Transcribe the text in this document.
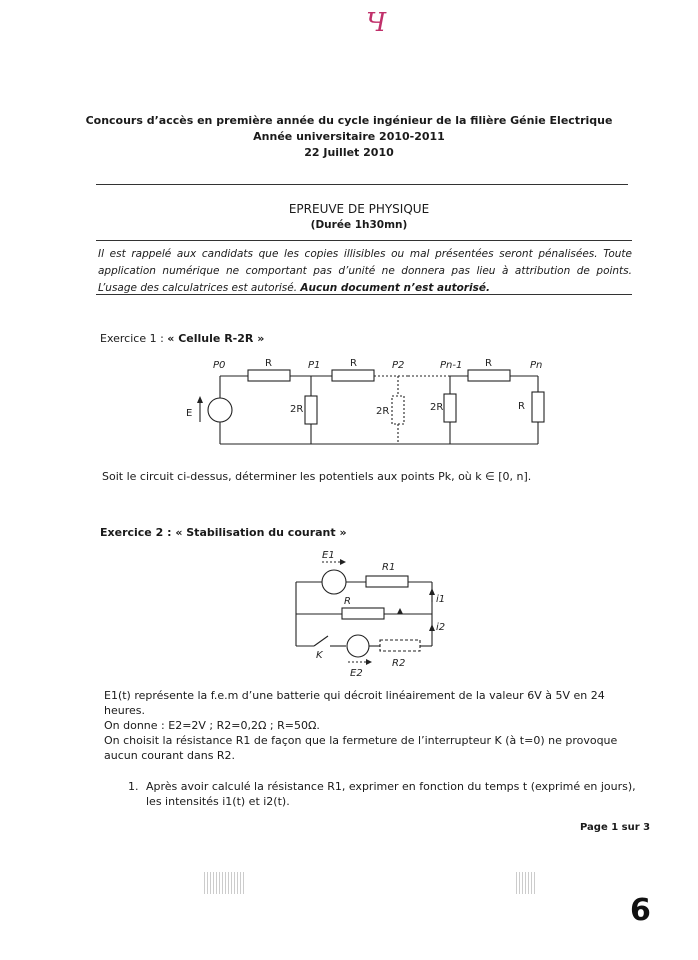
Ч
6
Concours d’accès en première année du cycle ingénieur de la filière Génie Electrique
Année universitaire 2010-2011
22 Juillet 2010
EPREUVE DE PHYSIQUE
(Durée 1h30mn)
Il est rappelé aux candidats que les copies illisibles ou mal présentées seront pénalisées. Toute application numérique ne comportant pas d’unité ne donnera pas lieu à attribution de points. L’usage des calculatrices est autorisé. Aucun document n’est autorisé.
Exercice 1 : « Cellule R-2R »
E
R	R	R
2R	2R	2R	R
P0	P1	P2	Pn-1	Pn
Soit le circuit ci-dessus, déterminer les potentiels aux points Pk, où k ∈ [0, n].
Exercice 2 : « Stabilisation du courant »
E1
R1
R	i1
i2
K
E2
R2
E1(t) représente la f.e.m d’une batterie qui décroit linéairement de la valeur 6V à 5V en 24 heures.
On donne : E2=2V ; R2=0,2Ω ; R=50Ω.
On choisit la résistance R1 de façon que la fermeture de l’interrupteur K (à t=0) ne provoque aucun courant dans R2.
1. Après avoir calculé la résistance R1, exprimer en fonction du temps t (exprimé en jours), les intensités i1(t) et i2(t).
Page 1 sur 3
